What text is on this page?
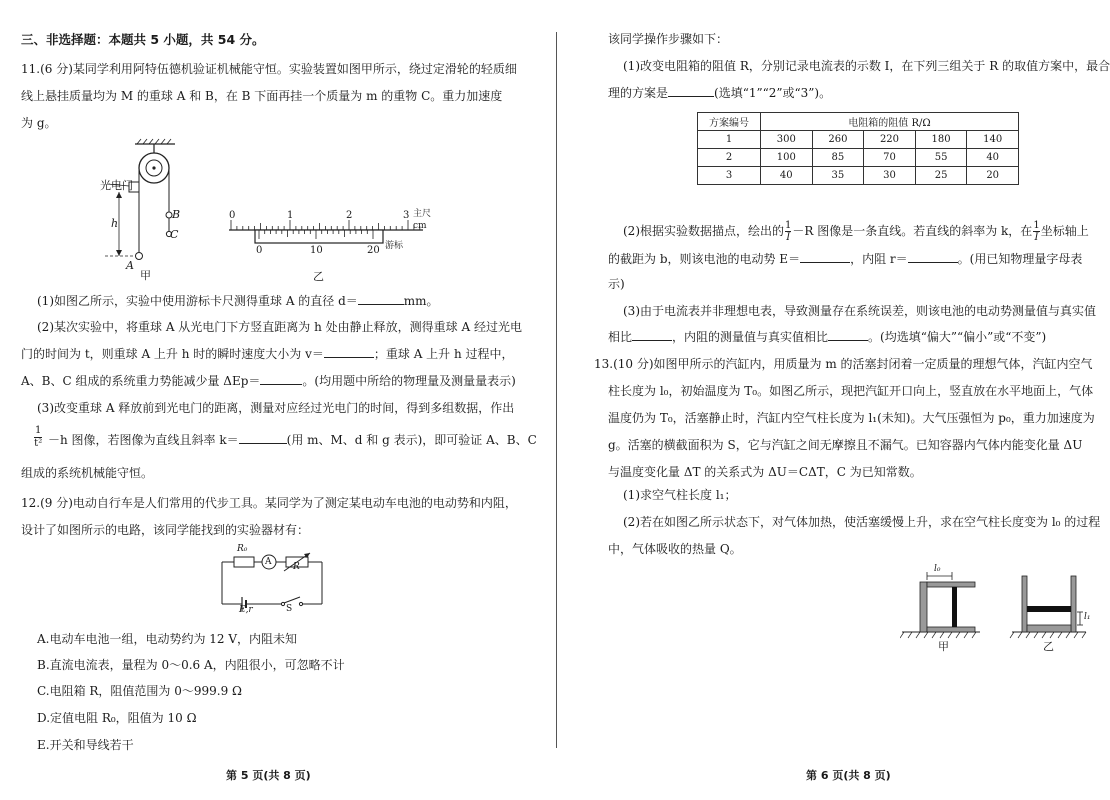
三、非选择题：本题共 5 小题，共 54 分。
11.(6 分)某同学利用阿特伍德机验证机械能守恒。实验装置如图甲所示，绕过定滑轮的轻质细
线上悬挂质量均为 M 的重球 A 和 B，在 B 下面再挂一个质量为 m 的重物 C。重力加速度
为 g。
光电门
h
A
B
C
甲
0	1	2	3 主尺
cm
0	10	20 游标
乙
(1)如图乙所示，实验中使用游标卡尺测得重球 A 的直径 d＝	mm。
(2)某次实验中，将重球 A 从光电门下方竖直距离为 h 处由静止释放，测得重球 A 经过光电
门的时间为 t，则重球 A 上升 h 时的瞬时速度大小为 v＝	；重球 A 上升 h 过程中，
A、B、C 组成的系统重力势能减少量 ΔEp＝	。(均用题中所给的物理量及测量量表示)
(3)改变重球 A 释放前到光电门的距离，测量对应经过光电门的时间，得到多组数据，作出
$\frac{1}{\text{t²}} -h$ 图像，若图像为直线且斜率 k＝	(用 m、M、d 和 g 表示)，即可验证 A、B、C
组成的系统机械能守恒。
12.(9 分)电动自行车是人们常用的代步工具。某同学为了测定某电动车电池的电动势和内阻，
设计了如图所示的电路，该同学能找到的实验器材有：
R₀
A R
E,r	S
A.电动车电池一组，电动势约为 12 V，内阻未知
B.直流电流表，量程为 0～0.6 A，内阻很小，可忽略不计
C.电阻箱 R，阻值范围为 0～999.9 Ω
D.定值电阻 R₀，阻值为 10 Ω
E.开关和导线若干
第 5 页(共 8 页)
该同学操作步骤如下：
(1)改变电阻箱的阻值 R，分别记录电流表的示数 I，在下列三组关于 R 的取值方案中，最合
理的方案是	(选填“1”“2”或“3”)。
方案编号	电阻箱的阻值 R/Ω				
1	300	260	220	180	140
2	100	85	70	55	40
3	40	35	30	25	20
(2)根据实验数据描点，绘出的 $\frac{1}{I} -R$ 图像是一条直线。若直线的斜率为 k，在 $\frac{1}{I}$ 坐标轴上
的截距为 b，则该电池的电动势 E＝	，内阻 r＝	。(用已知物理量字母表
示)
(3)由于电流表并非理想电表，导致测量存在系统误差，则该电池的电动势测量值与真实值
相比	，内阻的测量值与真实值相比	。(均选填“偏大”“偏小”或“不变”)
13.(10 分)如图甲所示的汽缸内，用质量为 m 的活塞封闭着一定质量的理想气体，汽缸内空气
柱长度为 l₀，初始温度为 T₀。如图乙所示，现把汽缸开口向上，竖直放在水平地面上，气体
温度仍为 T₀，活塞静止时，汽缸内空气柱长度为 l₁(未知)。大气压强恒为 p₀，重力加速度为
g。活塞的横截面积为 S，它与汽缸之间无摩擦且不漏气。已知容器内气体内能变化量 ΔU
与温度变化量 ΔT 的关系式为 ΔU＝CΔT，C 为已知常数。
(1)求空气柱长度 l₁；
(2)若在如图乙所示状态下，对气体加热，使活塞缓慢上升，求在空气柱长度变为 l₀ 的过程
中，气体吸收的热量 Q。
l₀
l₁
甲	乙
第 6 页(共 8 页)
